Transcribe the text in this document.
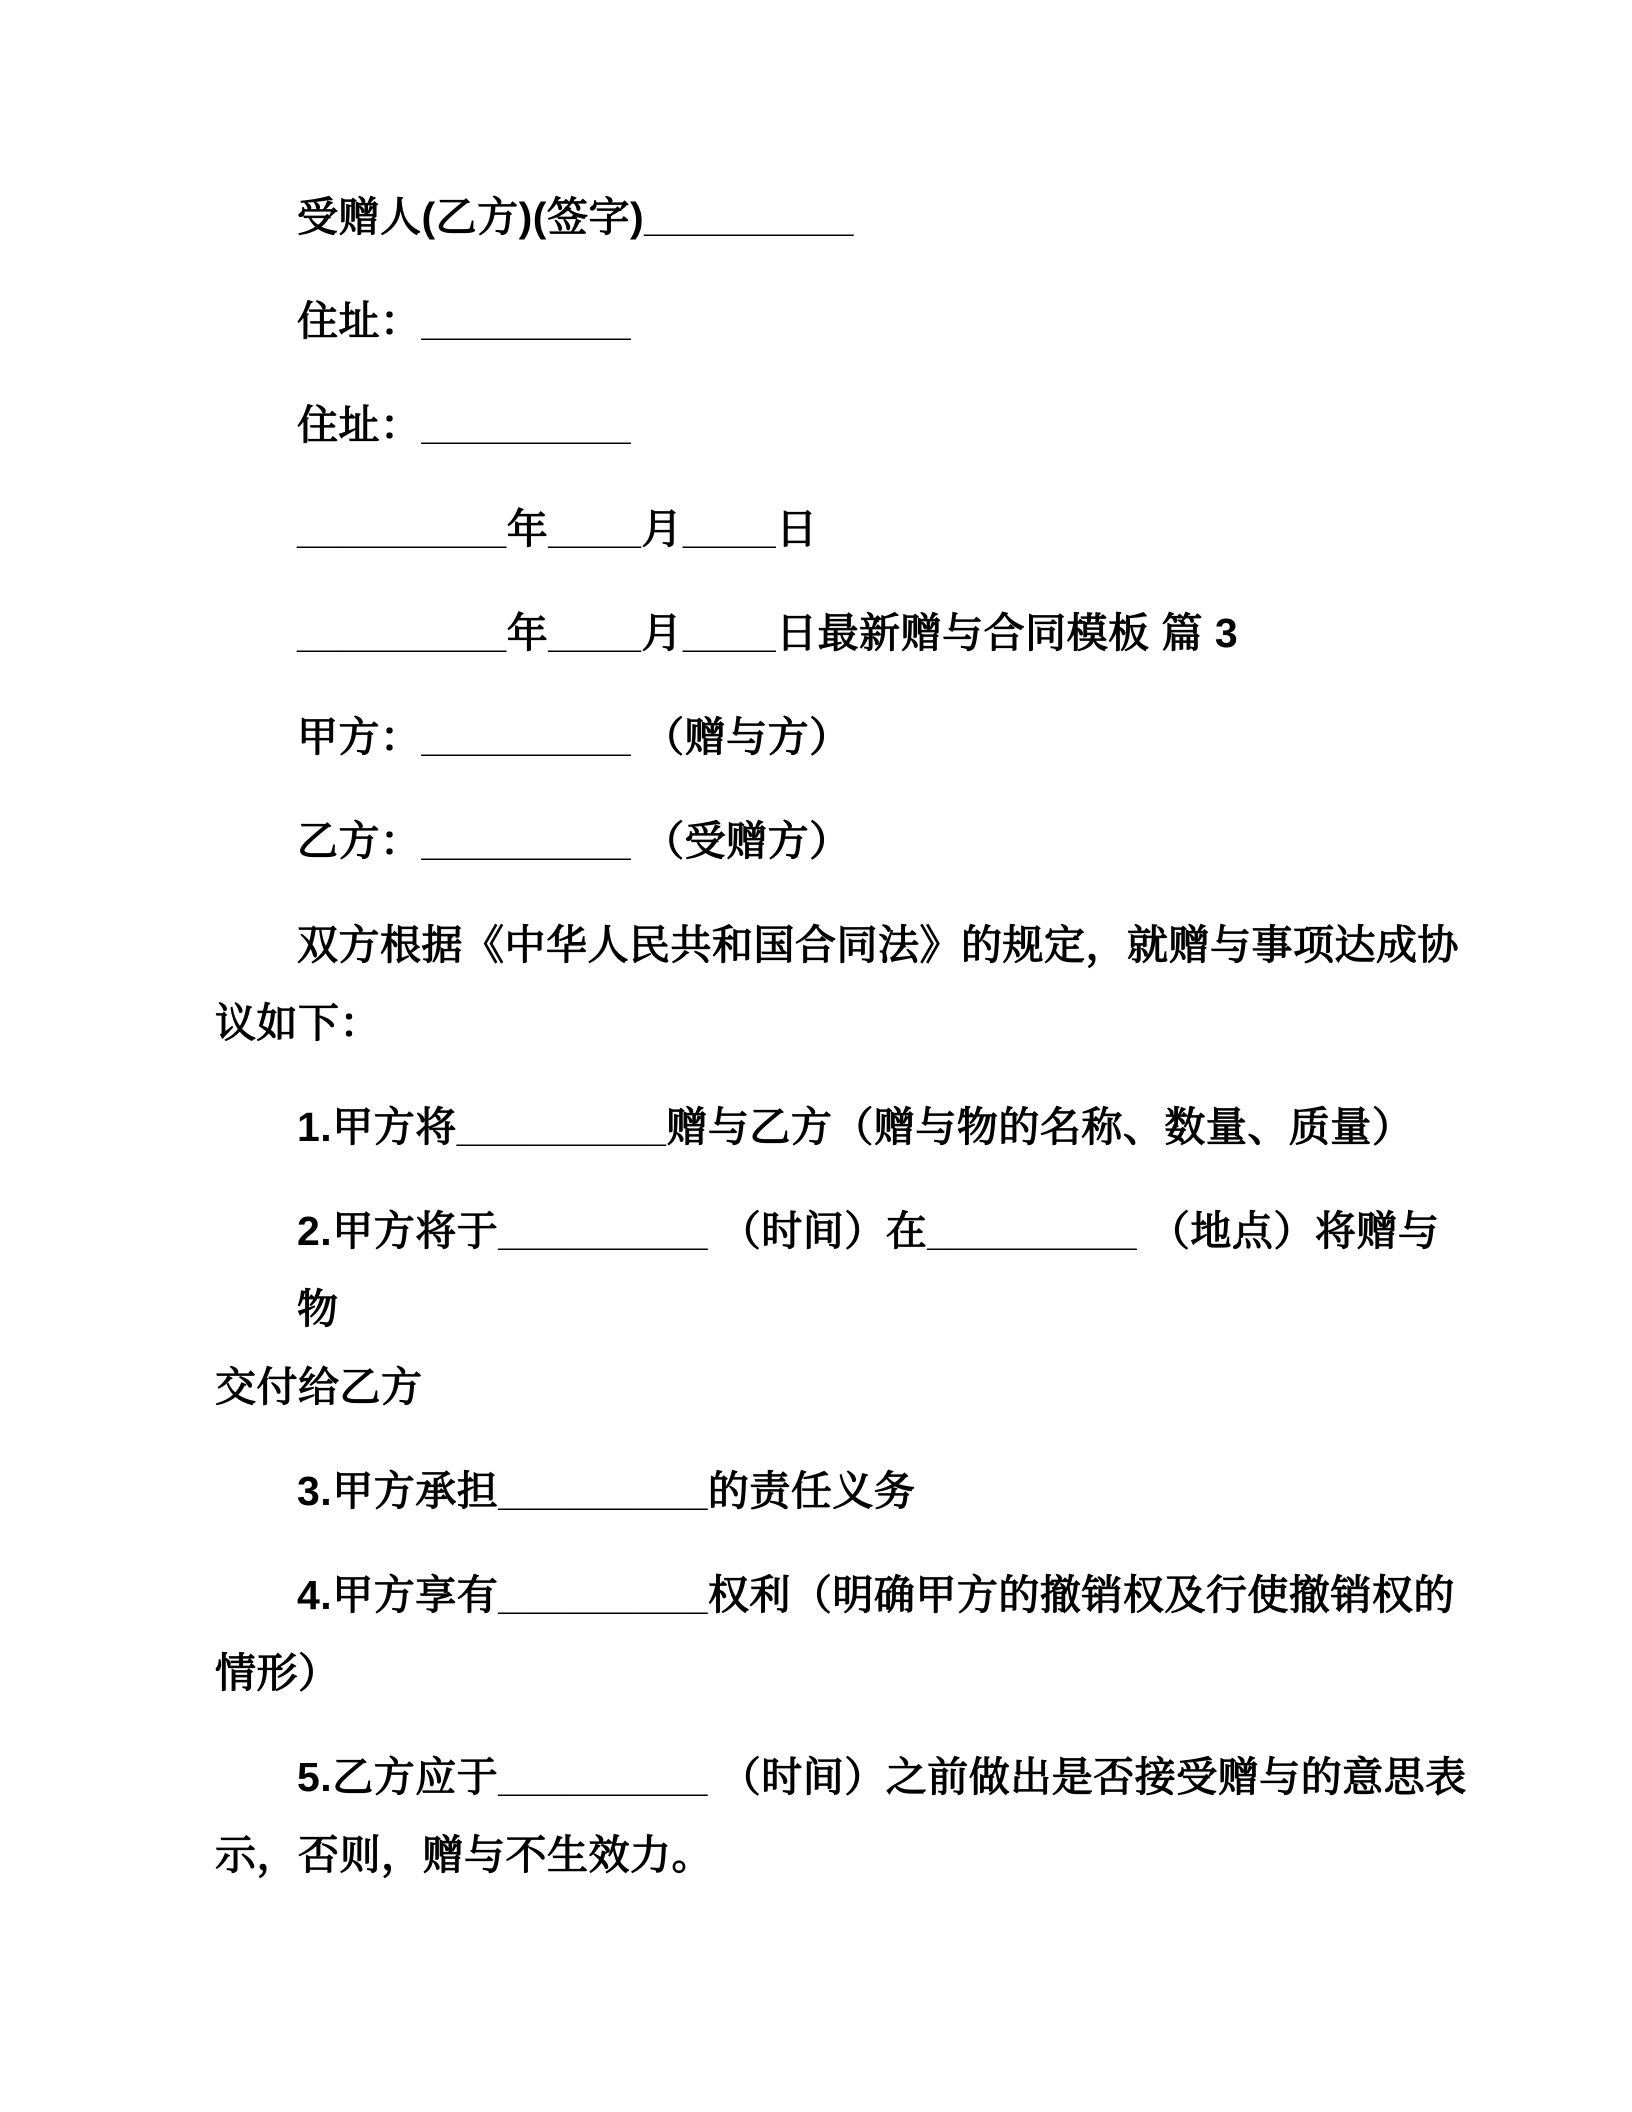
受赠人(乙方)(签字)_________
住址：_________
住址：_________
_________年____月____日
_________年____月____日最新赠与合同模板 篇 3
甲方：_________ （赠与方）
乙方：_________ （受赠方）
双方根据《中华人民共和国合同法》的规定，就赠与事项达成协
议如下：
1.甲方将_________赠与乙方（赠与物的名称、数量、质量）
2.甲方将于_________ （时间）在_________ （地点）将赠与物
交付给乙方
3.甲方承担_________的责任义务
4.甲方享有_________权利（明确甲方的撤销权及行使撤销权的
情形）
5.乙方应于_________ （时间）之前做出是否接受赠与的意思表
示，否则，赠与不生效力。
